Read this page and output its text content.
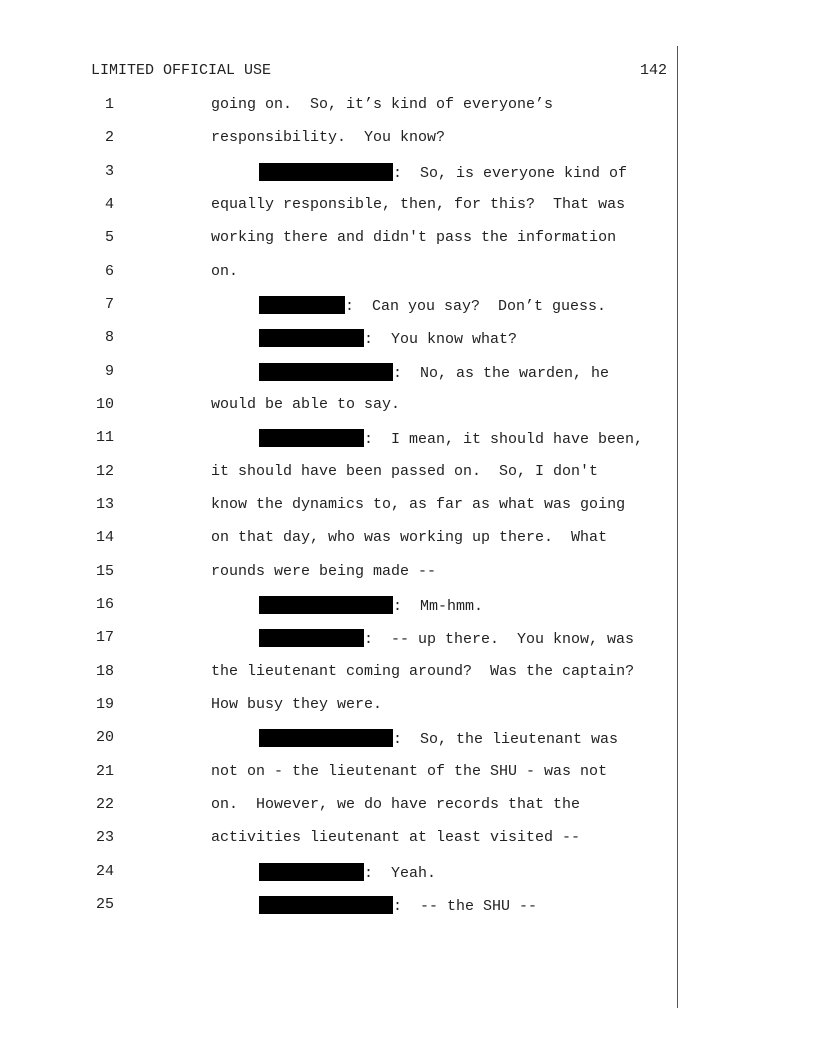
LIMITED OFFICIAL USE	142
1	going on.  So, it’s kind of everyone’s
2	responsibility.  You know?
3	:  So, is everyone kind of
4	equally responsible, then, for this?  That was
5	working there and didn't pass the information
6	on.
7	:  Can you say?  Don’t guess.
8	:  You know what?
9	:  No, as the warden, he
10	would be able to say.
11	:  I mean, it should have been,
12	it should have been passed on.  So, I don't
13	know the dynamics to, as far as what was going
14	on that day, who was working up there.  What
15	rounds were being made --
16	:  Mm-hmm.
17	:  -- up there.  You know, was
18	the lieutenant coming around?  Was the captain?
19	How busy they were.
20	:  So, the lieutenant was
21	not on - the lieutenant of the SHU - was not
22	on.  However, we do have records that the
23	activities lieutenant at least visited --
24	:  Yeah.
25	:  -- the SHU --
